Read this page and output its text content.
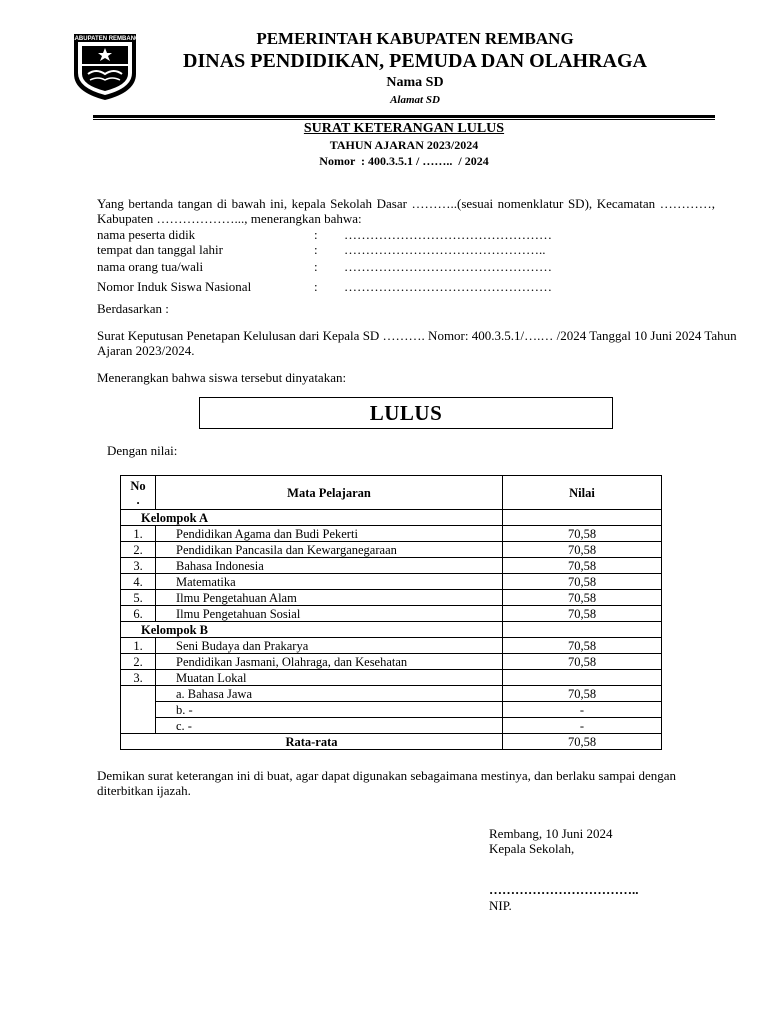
KABUPATEN REMBANG	PEMERINTAH KABUPATEN REMBANG
DINAS PENDIDIKAN, PEMUDA DAN OLAHRAGA
Nama SD
Alamat SD
SURAT KETERANGAN LULUS
TAHUN AJARAN 2023/2024
Nomor  : 400.3.5.1 / ……..  / 2024
Yang bertanda tangan di bawah ini, kepala Sekolah Dasar ………..(sesuai nomenklatur SD), Kecamatan …………, Kabupaten ………………..., menerangkan bahwa:
nama peserta didik	: …………………………………………
tempat dan tanggal lahir	: ………………………………………..
nama orang tua/wali	: …………………………………………
Nomor Induk Siswa Nasional	: …………………………………………
Berdasarkan :
Surat Keputusan Penetapan Kelulusan dari Kepala SD ………. Nomor: 400.3.5.1/….… /2024 Tanggal 10 Juni 2024 Tahun Ajaran 2023/2024.
Menerangkan bahwa siswa tersebut dinyatakan:
LULUS
Dengan nilai:
No
.	Mata Pelajaran	Nilai
Kelompok A		
1.	Pendidikan Agama dan Budi Pekerti	70,58
2.	Pendidikan Pancasila dan Kewarganegaraan	70,58
3.	Bahasa Indonesia	70,58
4.	Matematika	70,58
5.	Ilmu Pengetahuan Alam	70,58
6.	Ilmu Pengetahuan Sosial	70,58
Kelompok B		
1.	Seni Budaya dan Prakarya	70,58
2.	Pendidikan Jasmani, Olahraga, dan Kesehatan	70,58
3.	Muatan Lokal	
	a. Bahasa Jawa	70,58
	b. -	-
	c. -	-
Rata-rata		70,58
Demikan surat keterangan ini di buat, agar dapat digunakan sebagaimana mestinya, dan berlaku sampai dengan diterbitkan ijazah.
Rembang, 10 Juni 2024
Kepala Sekolah,
……………………………..
NIP.
